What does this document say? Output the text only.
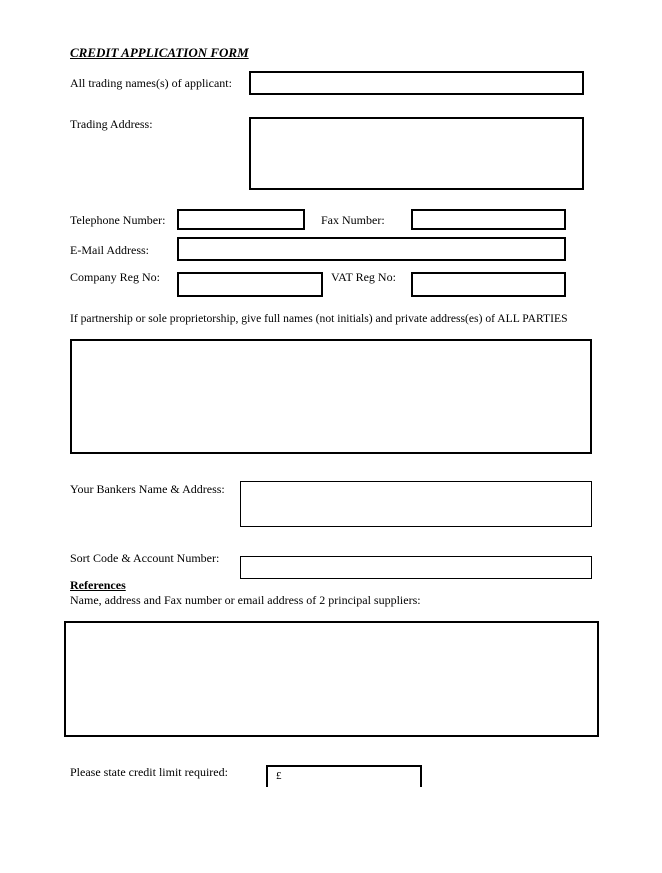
CREDIT APPLICATION FORM
All trading names(s) of applicant:
Trading Address:
Telephone Number:	Fax Number:
E-Mail Address:
Company Reg No:	VAT Reg No:
If partnership or sole proprietorship, give full names (not initials) and private address(es) of ALL PARTIES
Your Bankers Name & Address:
Sort Code & Account Number:
References
Name, address and Fax number or email address of 2 principal suppliers:
Please state credit limit required:	£
